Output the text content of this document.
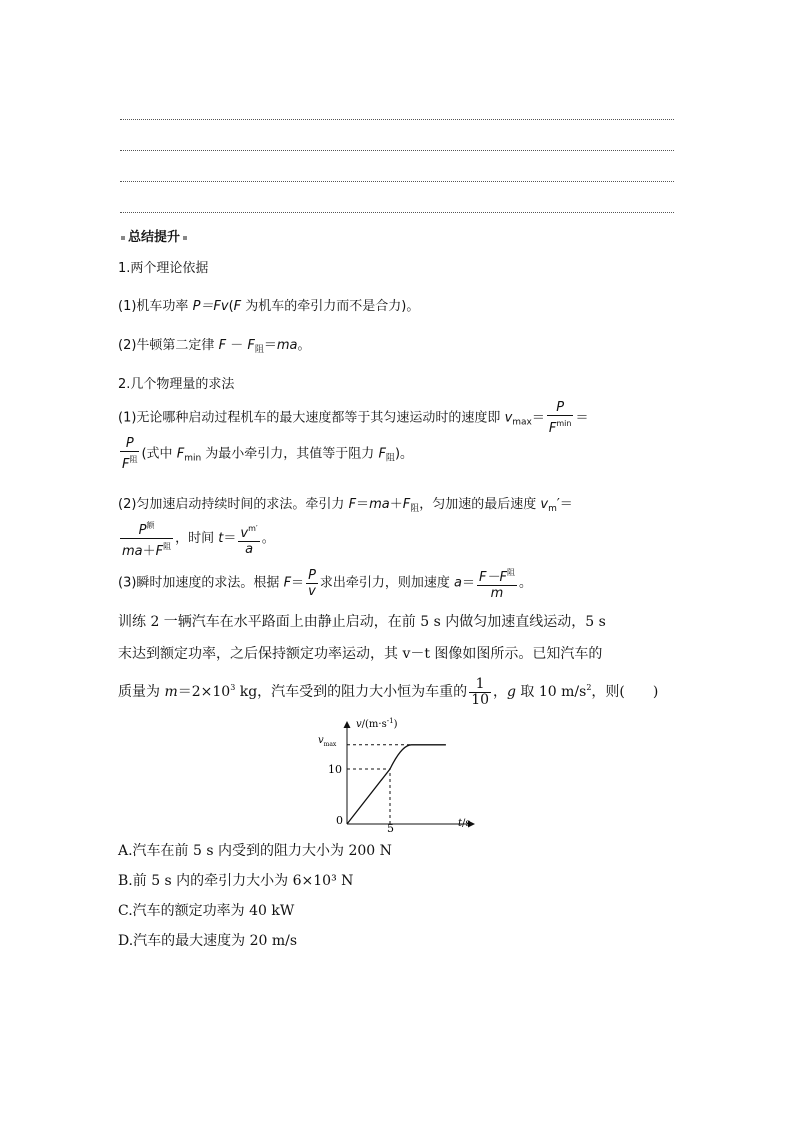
总结提升
1.两个理论依据
(1)机车功率 P＝Fv(F 为机车的牵引力而不是合力)。
(2)牛顿第二定律 $F - F_阻=ma$。
2.几个物理量的求法
(1)无论哪种启动过程机车的最大速度都等于其匀速运动时的速度即 $v_{max}= \frac{P}{F^{min}}$ ＝
$\frac{P}{F^阻}$ (式中 $F_{min}$ 为最小牵引力，其值等于阻力 $F_阻$)。
(2)匀加速启动持续时间的求法。牵引力 $F=ma+F_阻$，匀加速的最后速度 $v_m'=$
$\frac{P^额}{ma+F^阻}$ ，时间 $t= \frac{v^{m'}}{a}$ 。
(3)瞬时加速度的求法。根据 $F= \frac{P}{v}$ 求出牵引力，则加速度 $a= \frac{F-F^阻}{m}$ 。
训练 2 一辆汽车在水平路面上由静止启动，在前 5 s 内做匀加速直线运动，5 s
末达到额定功率，之后保持额定功率运动，其 v－t 图像如图所示。已知汽车的
质量为 $m=2\times 10^3$ kg，汽车受到的阻力大小恒为车重的 $\frac{1}{10}$ ，g 取 10 $m/s^2$，则(　　)
5
10
$v/(m\cdot s^{-1})$
t/s
0
$v_{max}$
A.汽车在前 5 s 内受到的阻力大小为 200 N
B.前 5 s 内的牵引力大小为 6×10³ N
C.汽车的额定功率为 40 kW
D.汽车的最大速度为 20 m/s
